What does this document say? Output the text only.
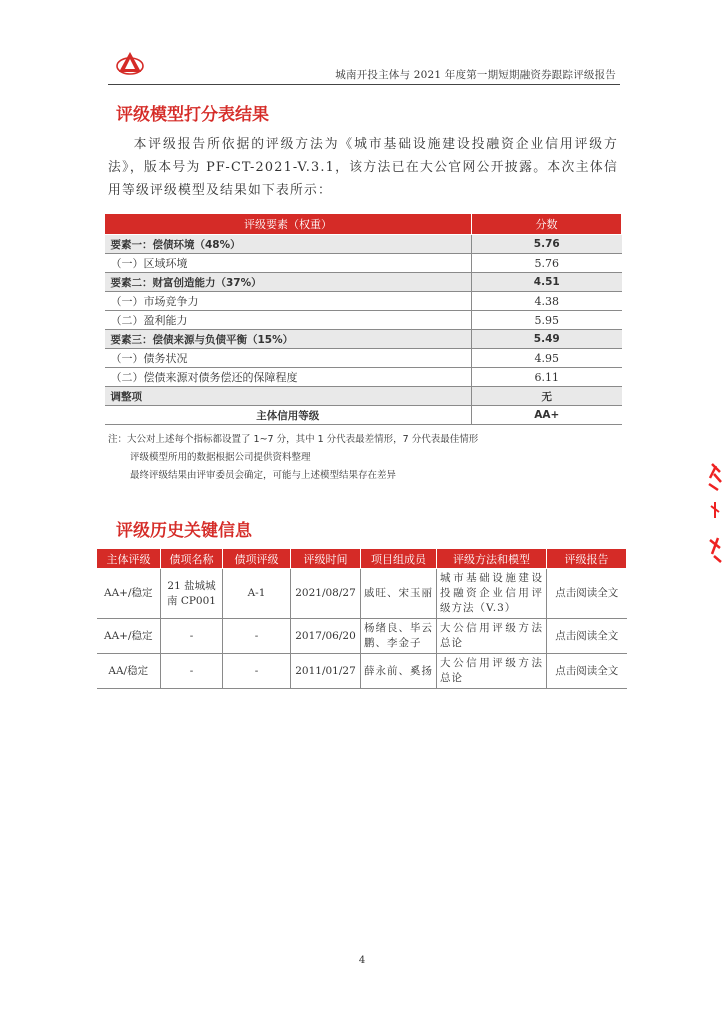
城南开投主体与 2021 年度第一期短期融资券跟踪评级报告
评级模型打分表结果
本评级报告所依据的评级方法为《城市基础设施建设投融资企业信用评级方法》，版本号为 PF-CT-2021-V.3.1，该方法已在大公官网公开披露。本次主体信用等级评级模型及结果如下表所示：
评级要素（权重）	分数
要素一：偿债环境（48%）	5.76
（一）区域环境	5.76
要素二：财富创造能力（37%）	4.51
（一）市场竞争力	4.38
（二）盈利能力	5.95
要素三：偿债来源与负债平衡（15%）	5.49
（一）债务状况	4.95
（二）偿债来源对债务偿还的保障程度	6.11
调整项	无
主体信用等级	AA+
注：大公对上述每个指标都设置了 1~7 分，其中 1 分代表最差情形，7 分代表最佳情形
评级模型所用的数据根据公司提供资料整理
最终评级结果由评审委员会确定，可能与上述模型结果存在差异
评级历史关键信息
主体评级	债项名称	债项评级	评级时间	项目组成员	评级方法和模型	评级报告
AA+/稳定	21 盐城城南 CP001	A-1	2021/08/27	戚旺、宋玉丽	城市基础设施建设投融资企业信用评级方法（V.3）	点击阅读全文
AA+/稳定	-	-	2017/06/20	杨绪良、毕云鹏、李金子	大公信用评级方法总论	点击阅读全文
AA/稳定	-	-	2011/01/27	薛永前、奚扬	大公信用评级方法总论	点击阅读全文
4
